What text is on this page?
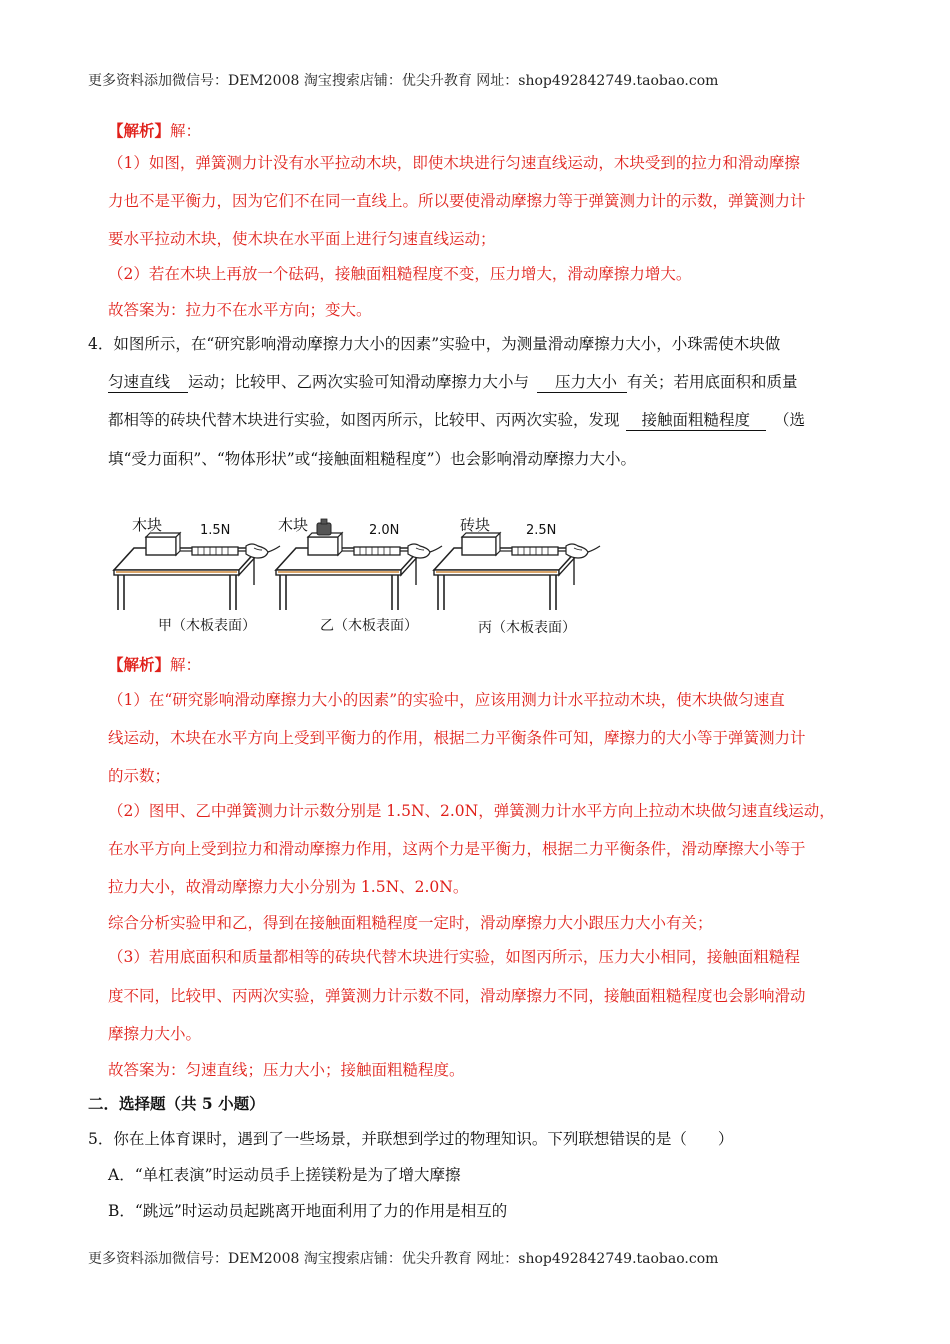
更多资料添加微信号：DEM2008 淘宝搜索店铺：优尖升教育 网址：shop492842749.taobao.com
【解析】解：
（1）如图，弹簧测力计没有水平拉动木块，即使木块进行匀速直线运动，木块受到的拉力和滑动摩擦
力也不是平衡力，因为它们不在同一直线上。所以要使滑动摩擦力等于弹簧测力计的示数，弹簧测力计
要水平拉动木块，使木块在水平面上进行匀速直线运动；
（2）若在木块上再放一个砝码，接触面粗糙程度不变，压力增大，滑动摩擦力增大。
故答案为：拉力不在水平方向；变大。
4．如图所示，在“研究影响滑动摩擦力大小的因素”实验中，为测量滑动摩擦力大小，小珠需使木块做
匀速直线 运动；比较甲、乙两次实验可知滑动摩擦力大小与 压力大小 有关；若用底面积和质量
都相等的砖块代替木块进行实验，如图丙所示，比较甲、丙两次实验，发现 接触面粗糙程度 （选
填“受力面积”、“物体形状”或“接触面粗糙程度”）也会影响滑动摩擦力大小。
木块	1.5N
甲（木板表面）
木块	2.0N
乙（木板表面）
砖块	2.5N
丙（木板表面）
【解析】解：
（1）在“研究影响滑动摩擦力大小的因素”的实验中，应该用测力计水平拉动木块，使木块做匀速直
线运动，木块在水平方向上受到平衡力的作用，根据二力平衡条件可知，摩擦力的大小等于弹簧测力计
的示数；
（2）图甲、乙中弹簧测力计示数分别是 1.5N、2.0N，弹簧测力计水平方向上拉动木块做匀速直线运动，
在水平方向上受到拉力和滑动摩擦力作用，这两个力是平衡力，根据二力平衡条件，滑动摩擦大小等于
拉力大小，故滑动摩擦力大小分别为 1.5N、2.0N。
综合分析实验甲和乙，得到在接触面粗糙程度一定时，滑动摩擦力大小跟压力大小有关；
（3）若用底面积和质量都相等的砖块代替木块进行实验，如图丙所示，压力大小相同，接触面粗糙程
度不同，比较甲、丙两次实验，弹簧测力计示数不同，滑动摩擦力不同，接触面粗糙程度也会影响滑动
摩擦力大小。
故答案为：匀速直线；压力大小；接触面粗糙程度。
二．选择题（共 5 小题）
5．你在上体育课时，遇到了一些场景，并联想到学过的物理知识。下列联想错误的是（　　）
A．“单杠表演”时运动员手上搓镁粉是为了增大摩擦
B．“跳远”时运动员起跳离开地面利用了力的作用是相互的
更多资料添加微信号：DEM2008 淘宝搜索店铺：优尖升教育 网址：shop492842749.taobao.com
